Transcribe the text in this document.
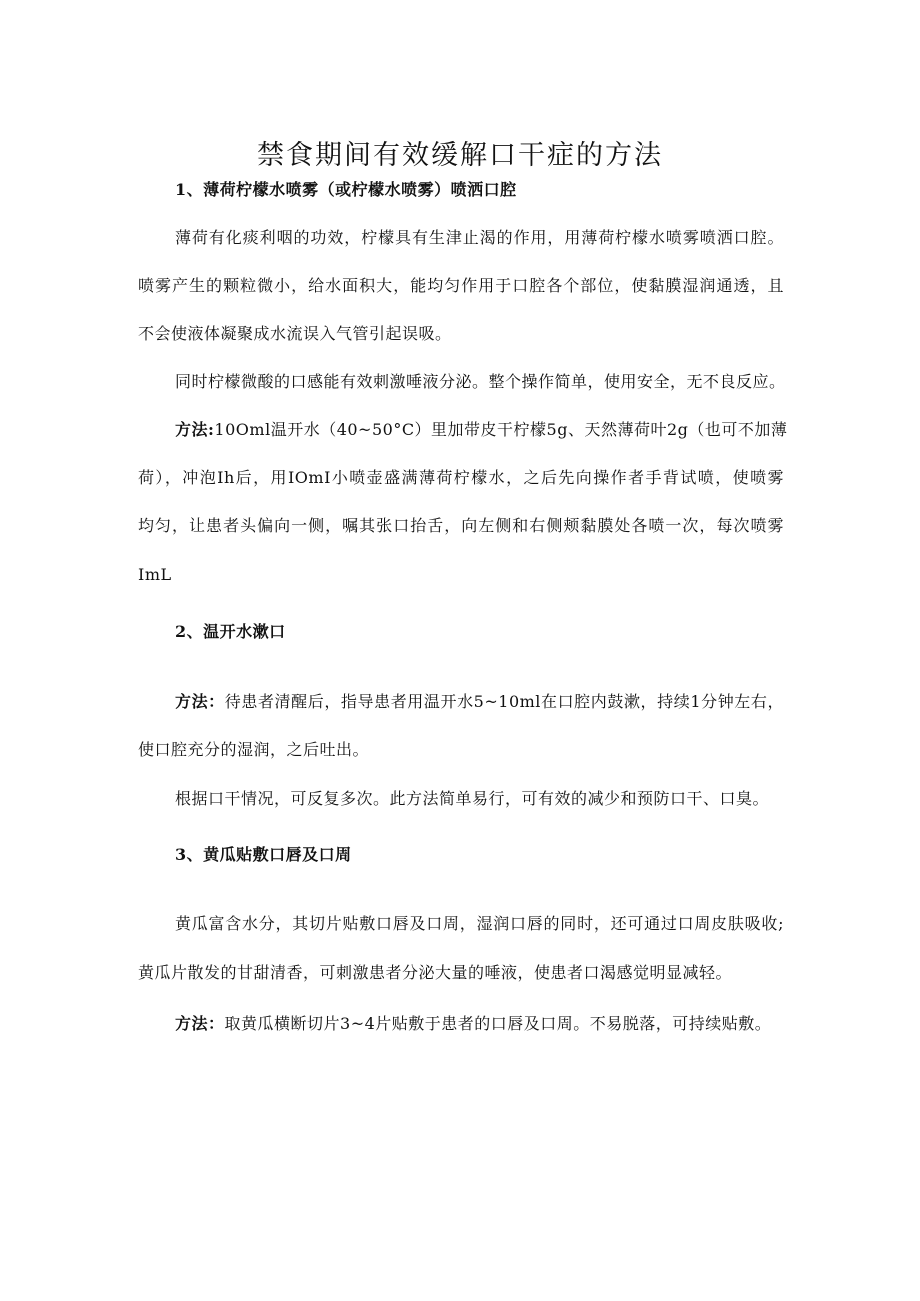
禁食期间有效缓解口干症的方法
1、薄荷柠檬水喷雾（或柠檬水喷雾）喷洒口腔
薄荷有化痰利咽的功效，柠檬具有生津止渴的作用，用薄荷柠檬水喷雾喷洒口腔。
喷雾产生的颗粒微小，给水面积大，能均匀作用于口腔各个部位，使黏膜湿润通透，且
不会使液体凝聚成水流误入气管引起误吸。
同时柠檬微酸的口感能有效刺激唾液分泌。整个操作简单，使用安全，无不良反应。
方法:10Oml温开水（40~50°C）里加带皮干柠檬5g、天然薄荷叶2g（也可不加薄
荷），冲泡Ih后，用IOmI小喷壶盛满薄荷柠檬水，之后先向操作者手背试喷，使喷雾
均匀，让患者头偏向一侧，嘱其张口抬舌，向左侧和右侧颊黏膜处各喷一次，每次喷雾
ImL
2、温开水漱口
方法：待患者清醒后，指导患者用温开水5~10ml在口腔内鼓漱，持续1分钟左右，
使口腔充分的湿润，之后吐出。
根据口干情况，可反复多次。此方法简单易行，可有效的减少和预防口干、口臭。
3、黄瓜贴敷口唇及口周
黄瓜富含水分，其切片贴敷口唇及口周，湿润口唇的同时，还可通过口周皮肤吸收;
黄瓜片散发的甘甜清香，可刺激患者分泌大量的唾液，使患者口渴感觉明显减轻。
方法：取黄瓜横断切片3~4片贴敷于患者的口唇及口周。不易脱落，可持续贴敷。
